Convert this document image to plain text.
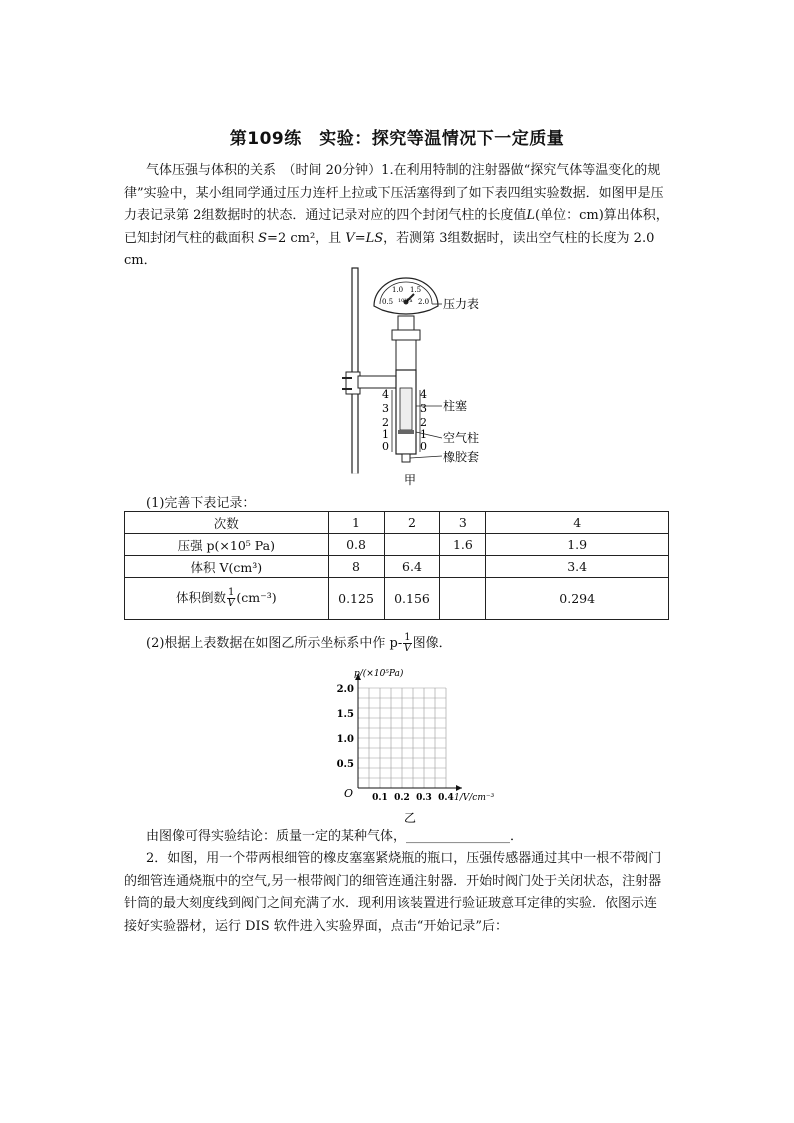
第109练　实验：探究等温情况下一定质量
气体压强与体积的关系　（时间 20分钟）1.在利用特制的注射器做“探究气体等温变化的规律”实验中，某小组同学通过压力连杆上拉或下压活塞得到了如下表四组实验数据．如图甲是压力表记录第 2组数据时的状态．通过记录对应的四个封闭气柱的长度值L(单位：cm)算出体积，已知封闭气柱的截面积 S=2 cm²，且 V=LS，若测第 3组数据时，读出空气柱的长度为 2.0 cm．
0.5
1.0 1.5
2.0
10⁵Pa
4
3
2
1
0
4
3
2
1
0
压力表
柱塞
空气柱
橡胶套
甲
(1)完善下表记录：
次数	1	2	3	4
压强 p(×10⁵ Pa)	0.8		1.6	1.9
体积 V(cm³)	8	6.4		3.4
体积倒数 $\frac{1}{V} (cm^{-3})$	0.125	0.156		0.294
(2)根据上表数据在如图乙所示坐标系中作 $p- \frac{1}{V}$ 图像．
2.0
1.5
1.0
0.5
0.1 0.2 0.3 0.4
p/(×10⁵Pa)
1/V/cm⁻³
O
乙
由图像可得实验结论：质量一定的某种气体，________________．
2．如图，用一个带两根细管的橡皮塞塞紧烧瓶的瓶口，压强传感器通过其中一根不带阀门的细管连通烧瓶中的空气,另一根带阀门的细管连通注射器．开始时阀门处于关闭状态，注射器针筒的最大刻度线到阀门之间充满了水．现利用该装置进行验证玻意耳定律的实验．依图示连接好实验器材，运行 DIS 软件进入实验界面，点击“开始记录”后：
